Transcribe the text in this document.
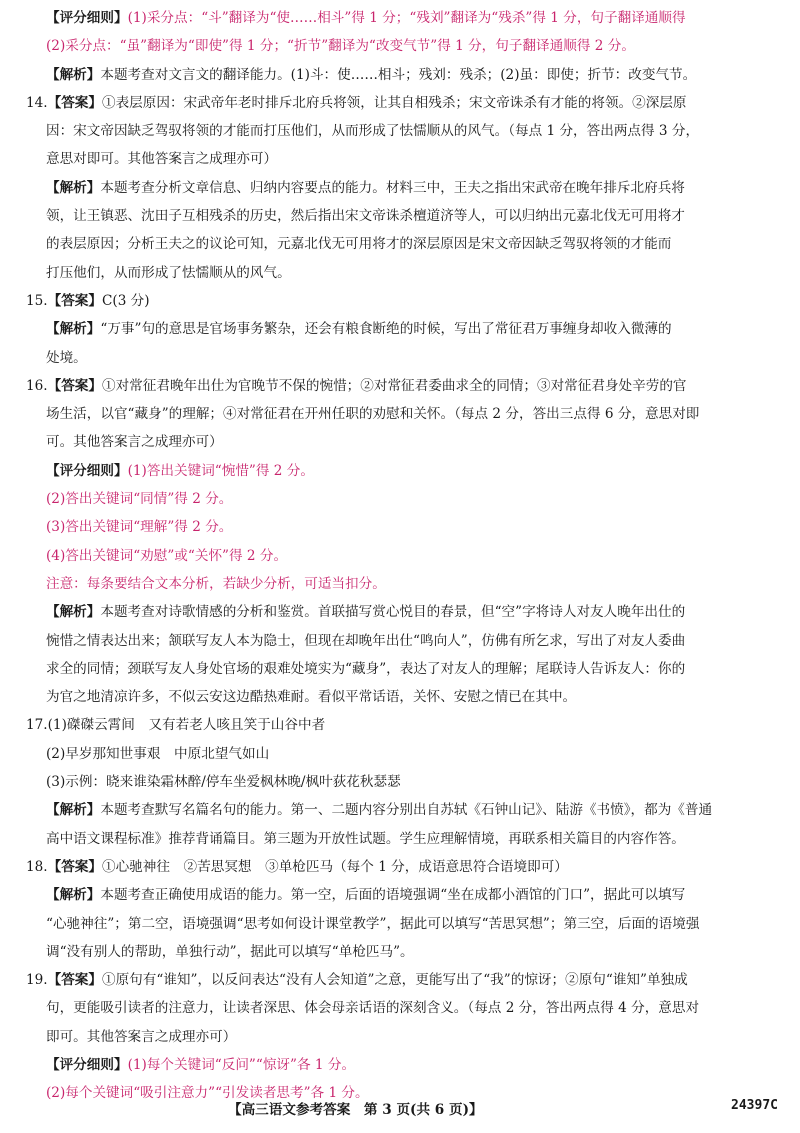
【评分细则】(1)采分点：“斗”翻译为“使……相斗”得 1 分；“残刘”翻译为“残杀”得 1 分，句子翻译通顺得
(2)采分点：“虽”翻译为“即使”得 1 分；“折节”翻译为“改变气节”得 1 分，句子翻译通顺得 2 分。
【解析】本题考查对文言文的翻译能力。(1)斗：使……相斗；残刘：残杀；(2)虽：即使；折节：改变气节。
14.【答案】①表层原因：宋武帝年老时排斥北府兵将领，让其自相残杀；宋文帝诛杀有才能的将领。②深层原
因：宋文帝因缺乏驾驭将领的才能而打压他们，从而形成了怯懦顺从的风气。（每点 1 分，答出两点得 3 分，
意思对即可。其他答案言之成理亦可）
【解析】本题考查分析文章信息、归纳内容要点的能力。材料三中，王夫之指出宋武帝在晚年排斥北府兵将
领，让王镇恶、沈田子互相残杀的历史，然后指出宋文帝诛杀檀道济等人，可以归纳出元嘉北伐无可用将才
的表层原因；分析王夫之的议论可知，元嘉北伐无可用将才的深层原因是宋文帝因缺乏驾驭将领的才能而
打压他们，从而形成了怯懦顺从的风气。
15.【答案】C(3 分)
【解析】“万事”句的意思是官场事务繁杂，还会有粮食断绝的时候，写出了常征君万事缠身却收入微薄的
处境。
16.【答案】①对常征君晚年出仕为官晚节不保的惋惜；②对常征君委曲求全的同情；③对常征君身处辛劳的官
场生活，以官“藏身”的理解；④对常征君在开州任职的劝慰和关怀。（每点 2 分，答出三点得 6 分，意思对即
可。其他答案言之成理亦可）
【评分细则】(1)答出关键词“惋惜”得 2 分。
(2)答出关键词“同情”得 2 分。
(3)答出关键词“理解”得 2 分。
(4)答出关键词“劝慰”或“关怀”得 2 分。
注意：每条要结合文本分析，若缺少分析，可适当扣分。
【解析】本题考查对诗歌情感的分析和鉴赏。首联描写赏心悦目的春景，但“空”字将诗人对友人晚年出仕的
惋惜之情表达出来；颔联写友人本为隐士，但现在却晚年出仕“鸣向人”，仿佛有所乞求，写出了对友人委曲
求全的同情；颈联写友人身处官场的艰难处境实为“藏身”，表达了对友人的理解；尾联诗人告诉友人：你的
为官之地清凉许多，不似云安这边酷热难耐。看似平常话语，关怀、安慰之情已在其中。
17.(1)磔磔云霄间　又有若老人咳且笑于山谷中者
(2)早岁那知世事艰　中原北望气如山
(3)示例：晓来谁染霜林醉/停车坐爱枫林晚/枫叶荻花秋瑟瑟
【解析】本题考查默写名篇名句的能力。第一、二题内容分别出自苏轼《石钟山记》、陆游《书愤》，都为《普通
高中语文课程标准》推荐背诵篇目。第三题为开放性试题。学生应理解情境，再联系相关篇目的内容作答。
18.【答案】①心驰神往　②苦思冥想　③单枪匹马（每个 1 分，成语意思符合语境即可）
【解析】本题考查正确使用成语的能力。第一空，后面的语境强调“坐在成都小酒馆的门口”，据此可以填写
“心驰神往”；第二空，语境强调“思考如何设计课堂教学”，据此可以填写“苦思冥想”；第三空，后面的语境强
调“没有别人的帮助，单独行动”，据此可以填写“单枪匹马”。
19.【答案】①原句有“谁知”，以反问表达“没有人会知道”之意，更能写出了“我”的惊讶；②原句“谁知”单独成
句，更能吸引读者的注意力，让读者深思、体会母亲话语的深刻含义。（每点 2 分，答出两点得 4 分，意思对
即可。其他答案言之成理亦可）
【评分细则】(1)每个关键词“反问”“惊讶”各 1 分。
(2)每个关键词“吸引注意力”“引发读者思考”各 1 分。
【高三语文参考答案　第 3 页(共 6 页)】	24397C
